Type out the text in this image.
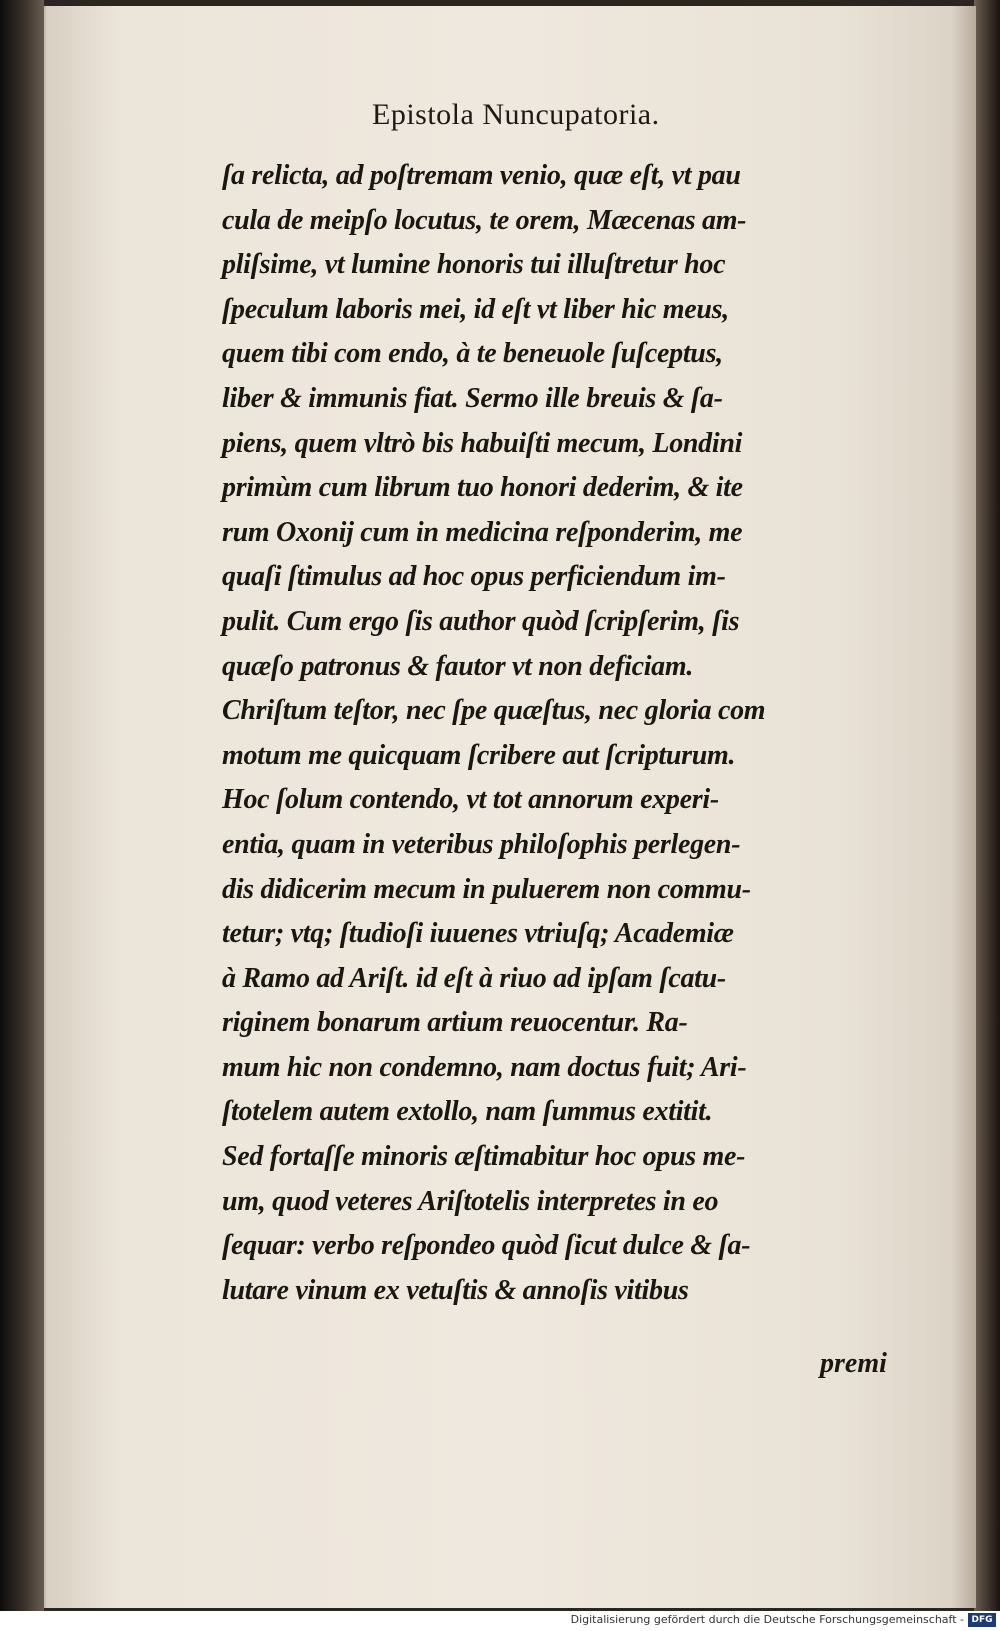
Epistola Nuncupatoria.
ſa relicta, ad poſtremam venio, quæ eſt, vt pau
cula de meipſo locutus, te orem, Mæcenas am-
pliſsime, vt lumine honoris tui illuſtretur hoc
ſpeculum laboris mei, id eſt vt liber hic meus,
quem tibi com endo, à te beneuole ſuſceptus,
liber & immunis fiat. Sermo ille breuis & ſa-
piens, quem vltrò bis habuiſti mecum, Londini
primùm cum librum tuo honori dederim, & ite
rum Oxonij cum in medicina reſponderim, me
quaſi ſtimulus ad hoc opus perficiendum im-
pulit. Cum ergo ſis author quòd ſcripſerim, ſis
quæſo patronus & fautor vt non deficiam.
Chriſtum teſtor, nec ſpe quæſtus, nec gloria com
motum me quicquam ſcribere aut ſcripturum.
Hoc ſolum contendo, vt tot annorum experi-
entia, quam in veteribus philoſophis perlegen-
dis didicerim mecum in puluerem non commu-
tetur; vtq; ſtudioſi iuuenes vtriuſq; Academiæ
à Ramo ad Ariſt. id eſt à riuo ad ipſam ſcatu-
riginem bonarum artium reuocentur. Ra-
mum hic non condemno, nam doctus fuit; Ari-
ſtotelem autem extollo, nam ſummus extitit.
Sed fortaſſe minoris æſtimabitur hoc opus me-
um, quod veteres Ariſtotelis interpretes in eo
ſequar: verbo reſpondeo quòd ſicut dulce & ſa-
lutare vinum ex vetuſtis & annoſis vitibus
premi
Digitalisierung gefördert durch die Deutsche Forschungsgemeinschaft - DFG
